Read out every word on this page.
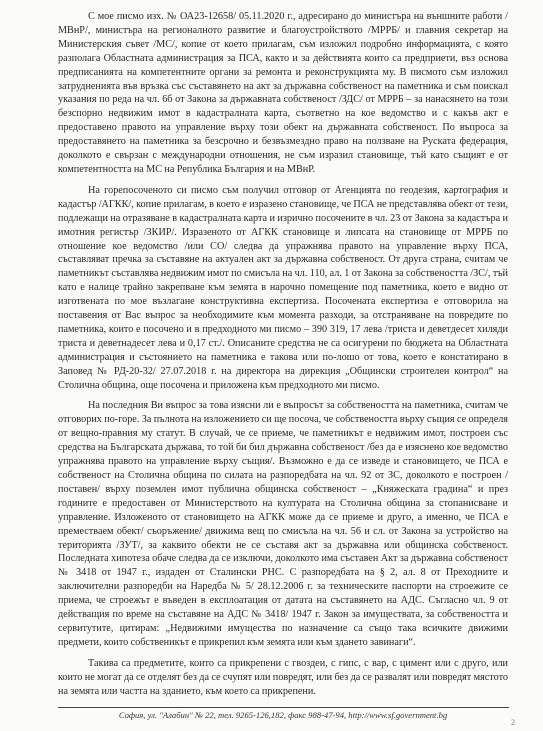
С мое писмо изх. № ОА23-12658/ 05.11.2020 г., адресирано до министъра на външните работи /МВнР/, министъра на регионалното развитие и благоустройството /МРРБ/ и главния секретар на Министерския съвет /МС/, копие от което прилагам, съм изложил подробно информацията, с която разполага Областната администрация за ПСА, както и за действията които са предприети, въз основа предписанията на компетентните органи за ремонта и реконструкцията му. В писмото съм изложил затрудненията във връзка със съставянето на акт за държавна собственост на паметника и съм поискал указания по реда на чл. 6б от Закона за държавната собственост /ЗДС/ от МРРБ – за нанасянето на този безспорно недвижим имот в кадастралната карта, съответно на кое ведомство и с какъв акт е предоставено правото на управление върху този обект на държавната собственост. По въпроса за предоставянето на паметника за безсрочно и безвъзмездно право на ползване на Руската федерация, доколкото е свързан с международни отношения, не съм изразил становище, тъй като същият е от компетентността на МС на Република България и на МВнР.

На горепосоченото си писмо съм получил отговор от Агенцията по геодезия, картография и кадастър /АГКК/, копие прилагам, в което е изразено становище, че ПСА не представлява обект от тези, подлежащи на отразяване в кадастралната карта и изрично посочените в чл. 23 от Закона за кадастъра и имотния регистър /ЗКИР/. Изразеното от АГКК становище и липсата на становище от МРРБ по отношение кое ведомство /или СО/ следва да упражнява правото на управление върху ПСА, съставляват пречка за съставяне на актуален акт за държавна собственост. От друга страна, считам че паметникът съставлява недвижим имот по смисъла на чл. 110, ал. 1 от Закона за собствеността /ЗС/, тъй като е налице трайно закрепване към земята в нарочно помещение под паметника, което е видно от изготвената по мое възлагане конструктивна експертиза. Посочената експертиза е отговорила на поставения от Вас въпрос за необходимите към момента разходи, за отстраняване на повредите по паметника, които е посочено и в предходното ми писмо – 390 319, 17 лева /триста и деветдесет хиляди триста и деветнадесет лева и 0,17 ст./. Описаните средства не са осигурени по бюджета на Областната администрация и състоянието на паметника е такова или по-лошо от това, което е констатирано в Заповед № РД-20-32/ 27.07.2018 г. на директора на дирекция „Общински строителен контрол“ на Столична община, още посочена и приложена към предходното ми писмо.

На последния Ви въпрос за това изясни ли е въпросът за собствеността на паметника, считам че отговорих по-горе. За пълнота на изложението си ще посоча, че собствеността върху същия се определя от вещно-правния му статут. В случай, че се приеме, че паметникът е недвижим имот, построен със средства на Българската държава, то той би бил държавна собственост /без да е изяснено кое ведомство упражнява правото на управление върху същия/. Възможно е да се изведе и становището, че ПСА е собственост на Столична община по силата на разпоредбата на чл. 92 от ЗС, доколкото е построен /поставен/ върху поземлен имот публична общинска собственост – „Княжеската градина“ и през годините е предоставен от Министерството на културата на Столична община за стопанисване и управление. Изложеното от становището на АГКК може да се приеме и друго, а именно, че ПСА е преместваем обект/ съоръжение/ движима вещ по смисъла на чл. 56 и сл. от Закона за устройство на територията /ЗУТ/, за каквито обекти не се съставя акт за държавна или общинска собственост. Последната хипотеза обаче следва да се изключи, доколкото има съставен Акт за държавна собственост № 3418 от 1947 г., издаден от Сталински РНС. С разпоредбата на § 2, ал. 8 от Преходните и заключителни разпоредби на Наредба № 5/ 28.12.2006 г. за техническите паспорти на строежите се приема, че строежът е въведен в експлоатация от датата на съставянето на АДС. Съгласно чл. 9 от действащия по време на съставяне на АДС № 3418/ 1947 г. Закон за имуществата, за собствеността и сервитутите, цитирам: „Недвижими имущества по назначение са също така всичките движими предмети, които собственикът е прикрепил към земята или към здането завинаги“.

Такива са предметите, които са прикрепени с гвоздеи, с гипс, с вар, с цимент или с друго, или които не могат да се отделят без да се счупят или повредят, или без да се развалят или повредят мястото на земята или частта на зданието, към което са прикрепени.

София, ул. "Алабин" № 22, тел. 9265-126,182, факс 988-47-94, http://www.sf.government.bg
2
